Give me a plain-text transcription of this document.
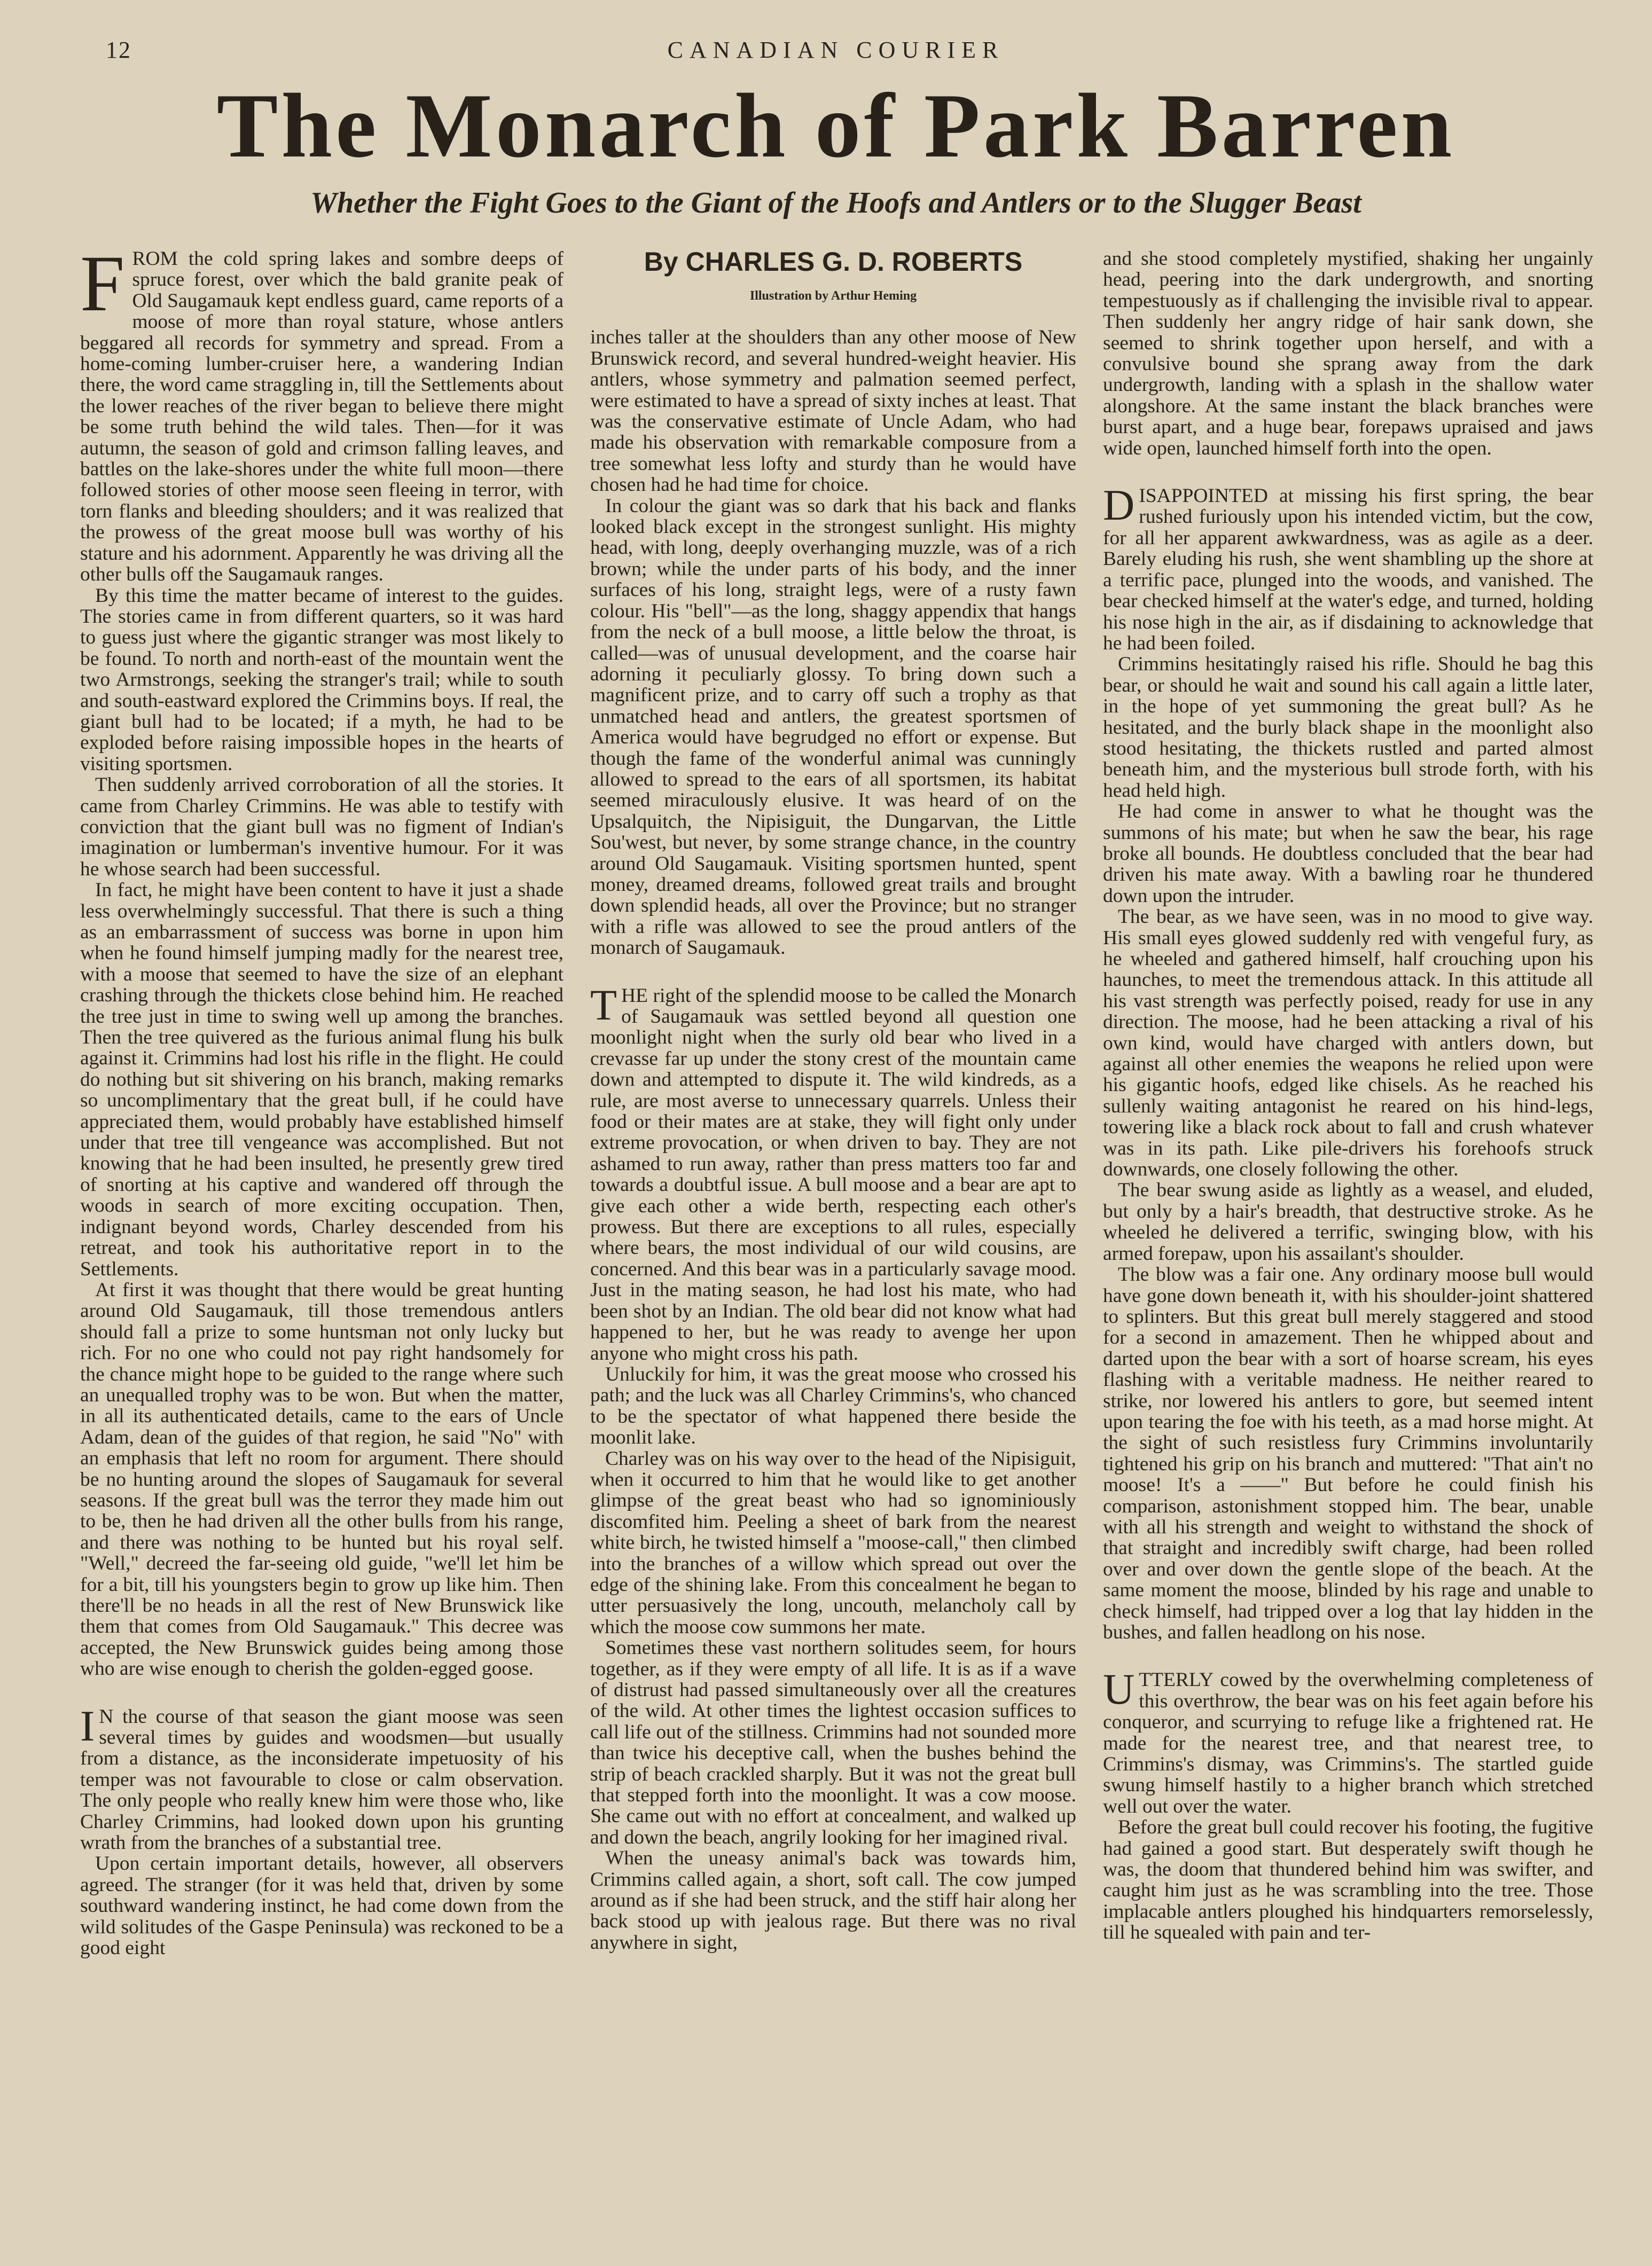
12	CANADIAN COURIER
The Monarch of Park Barren
Whether the Fight Goes to the Giant of the Hoofs and Antlers or to the Slugger Beast

FROM the cold spring lakes and sombre deeps of spruce forest, over which the bald granite peak of Old Saugamauk kept endless guard, came reports of a moose of more than royal stature, whose antlers beggared all records for symmetry and spread. From a home-coming lumber-cruiser here, a wandering Indian there, the word came straggling in, till the Settlements about the lower reaches of the river began to believe there might be some truth behind the wild tales. Then—for it was autumn, the season of gold and crimson falling leaves, and battles on the lake-shores under the white full moon—there followed stories of other moose seen fleeing in terror, with torn flanks and bleeding shoulders; and it was realized that the prowess of the great moose bull was worthy of his stature and his adornment. Apparently he was driving all the other bulls off the Saugamauk ranges.

By this time the matter became of interest to the guides. The stories came in from different quarters, so it was hard to guess just where the gigantic stranger was most likely to be found. To north and north-east of the mountain went the two Armstrongs, seeking the stranger's trail; while to south and south-eastward explored the Crimmins boys. If real, the giant bull had to be located; if a myth, he had to be exploded before raising impossible hopes in the hearts of visiting sportsmen.

Then suddenly arrived corroboration of all the stories. It came from Charley Crimmins. He was able to testify with conviction that the giant bull was no figment of Indian's imagination or lumberman's inventive humour. For it was he whose search had been successful.

In fact, he might have been content to have it just a shade less overwhelmingly successful. That there is such a thing as an embarrassment of success was borne in upon him when he found himself jumping madly for the nearest tree, with a moose that seemed to have the size of an elephant crashing through the thickets close behind him. He reached the tree just in time to swing well up among the branches. Then the tree quivered as the furious animal flung his bulk against it. Crimmins had lost his rifle in the flight. He could do nothing but sit shivering on his branch, making remarks so uncomplimentary that the great bull, if he could have appreciated them, would probably have established himself under that tree till vengeance was accomplished. But not knowing that he had been insulted, he presently grew tired of snorting at his captive and wandered off through the woods in search of more exciting occupation. Then, indignant beyond words, Charley descended from his retreat, and took his authoritative report in to the Settlements.

At first it was thought that there would be great hunting around Old Saugamauk, till those tremendous antlers should fall a prize to some huntsman not only lucky but rich. For no one who could not pay right handsomely for the chance might hope to be guided to the range where such an unequalled trophy was to be won. But when the matter, in all its authenticated details, came to the ears of Uncle Adam, dean of the guides of that region, he said "No" with an emphasis that left no room for argument. There should be no hunting around the slopes of Saugamauk for several seasons. If the great bull was the terror they made him out to be, then he had driven all the other bulls from his range, and there was nothing to be hunted but his royal self. "Well," decreed the far-seeing old guide, "we'll let him be for a bit, till his youngsters begin to grow up like him. Then there'll be no heads in all the rest of New Brunswick like them that comes from Old Saugamauk." This decree was accepted, the New Brunswick guides being among those who are wise enough to cherish the golden-egged goose.

I N the course of that season the giant moose was seen several times by guides and woodsmen—but usually from a distance, as the inconsiderate impetuosity of his temper was not favourable to close or calm observation. The only people who really knew him were those who, like Charley Crimmins, had looked down upon his grunting wrath from the branches of a substantial tree.

Upon certain important details, however, all observers agreed. The stranger (for it was held that, driven by some southward wandering instinct, he had come down from the wild solitudes of the Gaspe Peninsula) was reckoned to be a good eight

By CHARLES G. D. ROBERTS
Illustration by Arthur Heming

inches taller at the shoulders than any other moose of New Brunswick record, and several hundred-weight heavier. His antlers, whose symmetry and palmation seemed perfect, were estimated to have a spread of sixty inches at least. That was the conservative estimate of Uncle Adam, who had made his observation with remarkable composure from a tree somewhat less lofty and sturdy than he would have chosen had he had time for choice.

In colour the giant was so dark that his back and flanks looked black except in the strongest sunlight. His mighty head, with long, deeply overhanging muzzle, was of a rich brown; while the under parts of his body, and the inner surfaces of his long, straight legs, were of a rusty fawn colour. His "bell"—as the long, shaggy appendix that hangs from the neck of a bull moose, a little below the throat, is called—was of unusual development, and the coarse hair adorning it peculiarly glossy. To bring down such a magnificent prize, and to carry off such a trophy as that unmatched head and antlers, the greatest sportsmen of America would have begrudged no effort or expense. But though the fame of the wonderful animal was cunningly allowed to spread to the ears of all sportsmen, its habitat seemed miraculously elusive. It was heard of on the Upsalquitch, the Nipisiguit, the Dungarvan, the Little Sou'west, but never, by some strange chance, in the country around Old Saugamauk. Visiting sportsmen hunted, spent money, dreamed dreams, followed great trails and brought down splendid heads, all over the Province; but no stranger with a rifle was allowed to see the proud antlers of the monarch of Saugamauk.

THE right of the splendid moose to be called the Monarch of Saugamauk was settled beyond all question one moonlight night when the surly old bear who lived in a crevasse far up under the stony crest of the mountain came down and attempted to dispute it. The wild kindreds, as a rule, are most averse to unnecessary quarrels. Unless their food or their mates are at stake, they will fight only under extreme provocation, or when driven to bay. They are not ashamed to run away, rather than press matters too far and towards a doubtful issue. A bull moose and a bear are apt to give each other a wide berth, respecting each other's prowess. But there are exceptions to all rules, especially where bears, the most individual of our wild cousins, are concerned. And this bear was in a particularly savage mood. Just in the mating season, he had lost his mate, who had been shot by an Indian. The old bear did not know what had happened to her, but he was ready to avenge her upon anyone who might cross his path.

Unluckily for him, it was the great moose who crossed his path; and the luck was all Charley Crimmins's, who chanced to be the spectator of what happened there beside the moonlit lake.

Charley was on his way over to the head of the Nipisiguit, when it occurred to him that he would like to get another glimpse of the great beast who had so ignominiously discomfited him. Peeling a sheet of bark from the nearest white birch, he twisted himself a "moose-call," then climbed into the branches of a willow which spread out over the edge of the shining lake. From this concealment he began to utter persuasively the long, uncouth, melancholy call by which the moose cow summons her mate.

Sometimes these vast northern solitudes seem, for hours together, as if they were empty of all life. It is as if a wave of distrust had passed simultaneously over all the creatures of the wild. At other times the lightest occasion suffices to call life out of the stillness. Crimmins had not sounded more than twice his deceptive call, when the bushes behind the strip of beach crackled sharply. But it was not the great bull that stepped forth into the moonlight. It was a cow moose. She came out with no effort at concealment, and walked up and down the beach, angrily looking for her imagined rival.

When the uneasy animal's back was towards him, Crimmins called again, a short, soft call. The cow jumped around as if she had been struck, and the stiff hair along her back stood up with jealous rage. But there was no rival anywhere in sight,

and she stood completely mystified, shaking her ungainly head, peering into the dark undergrowth, and snorting tempestuously as if challenging the invisible rival to appear. Then suddenly her angry ridge of hair sank down, she seemed to shrink together upon herself, and with a convulsive bound she sprang away from the dark undergrowth, landing with a splash in the shallow water alongshore. At the same instant the black branches were burst apart, and a huge bear, forepaws upraised and jaws wide open, launched himself forth into the open.

DISAPPOINTED at missing his first spring, the bear rushed furiously upon his intended victim, but the cow, for all her apparent awkwardness, was as agile as a deer. Barely eluding his rush, she went shambling up the shore at a terrific pace, plunged into the woods, and vanished. The bear checked himself at the water's edge, and turned, holding his nose high in the air, as if disdaining to acknowledge that he had been foiled.

Crimmins hesitatingly raised his rifle. Should he bag this bear, or should he wait and sound his call again a little later, in the hope of yet summoning the great bull? As he hesitated, and the burly black shape in the moonlight also stood hesitating, the thickets rustled and parted almost beneath him, and the mysterious bull strode forth, with his head held high.

He had come in answer to what he thought was the summons of his mate; but when he saw the bear, his rage broke all bounds. He doubtless concluded that the bear had driven his mate away. With a bawling roar he thundered down upon the intruder.

The bear, as we have seen, was in no mood to give way. His small eyes glowed suddenly red with vengeful fury, as he wheeled and gathered himself, half crouching upon his haunches, to meet the tremendous attack. In this attitude all his vast strength was perfectly poised, ready for use in any direction. The moose, had he been attacking a rival of his own kind, would have charged with antlers down, but against all other enemies the weapons he relied upon were his gigantic hoofs, edged like chisels. As he reached his sullenly waiting antagonist he reared on his hind-legs, towering like a black rock about to fall and crush whatever was in its path. Like pile-drivers his forehoofs struck downwards, one closely following the other.

The bear swung aside as lightly as a weasel, and eluded, but only by a hair's breadth, that destructive stroke. As he wheeled he delivered a terrific, swinging blow, with his armed forepaw, upon his assailant's shoulder.

The blow was a fair one. Any ordinary moose bull would have gone down beneath it, with his shoulder-joint shattered to splinters. But this great bull merely staggered and stood for a second in amazement. Then he whipped about and darted upon the bear with a sort of hoarse scream, his eyes flashing with a veritable madness. He neither reared to strike, nor lowered his antlers to gore, but seemed intent upon tearing the foe with his teeth, as a mad horse might. At the sight of such resistless fury Crimmins involuntarily tightened his grip on his branch and muttered: "That ain't no moose! It's a ——" But before he could finish his comparison, astonishment stopped him. The bear, unable with all his strength and weight to withstand the shock of that straight and incredibly swift charge, had been rolled over and over down the gentle slope of the beach. At the same moment the moose, blinded by his rage and unable to check himself, had tripped over a log that lay hidden in the bushes, and fallen headlong on his nose.

UTTERLY cowed by the overwhelming completeness of this overthrow, the bear was on his feet again before his conqueror, and scurrying to refuge like a frightened rat. He made for the nearest tree, and that nearest tree, to Crimmins's dismay, was Crimmins's. The startled guide swung himself hastily to a higher branch which stretched well out over the water.

Before the great bull could recover his footing, the fugitive had gained a good start. But desperately swift though he was, the doom that thundered behind him was swifter, and caught him just as he was scrambling into the tree. Those implacable antlers ploughed his hindquarters remorselessly, till he squealed with pain and ter-
